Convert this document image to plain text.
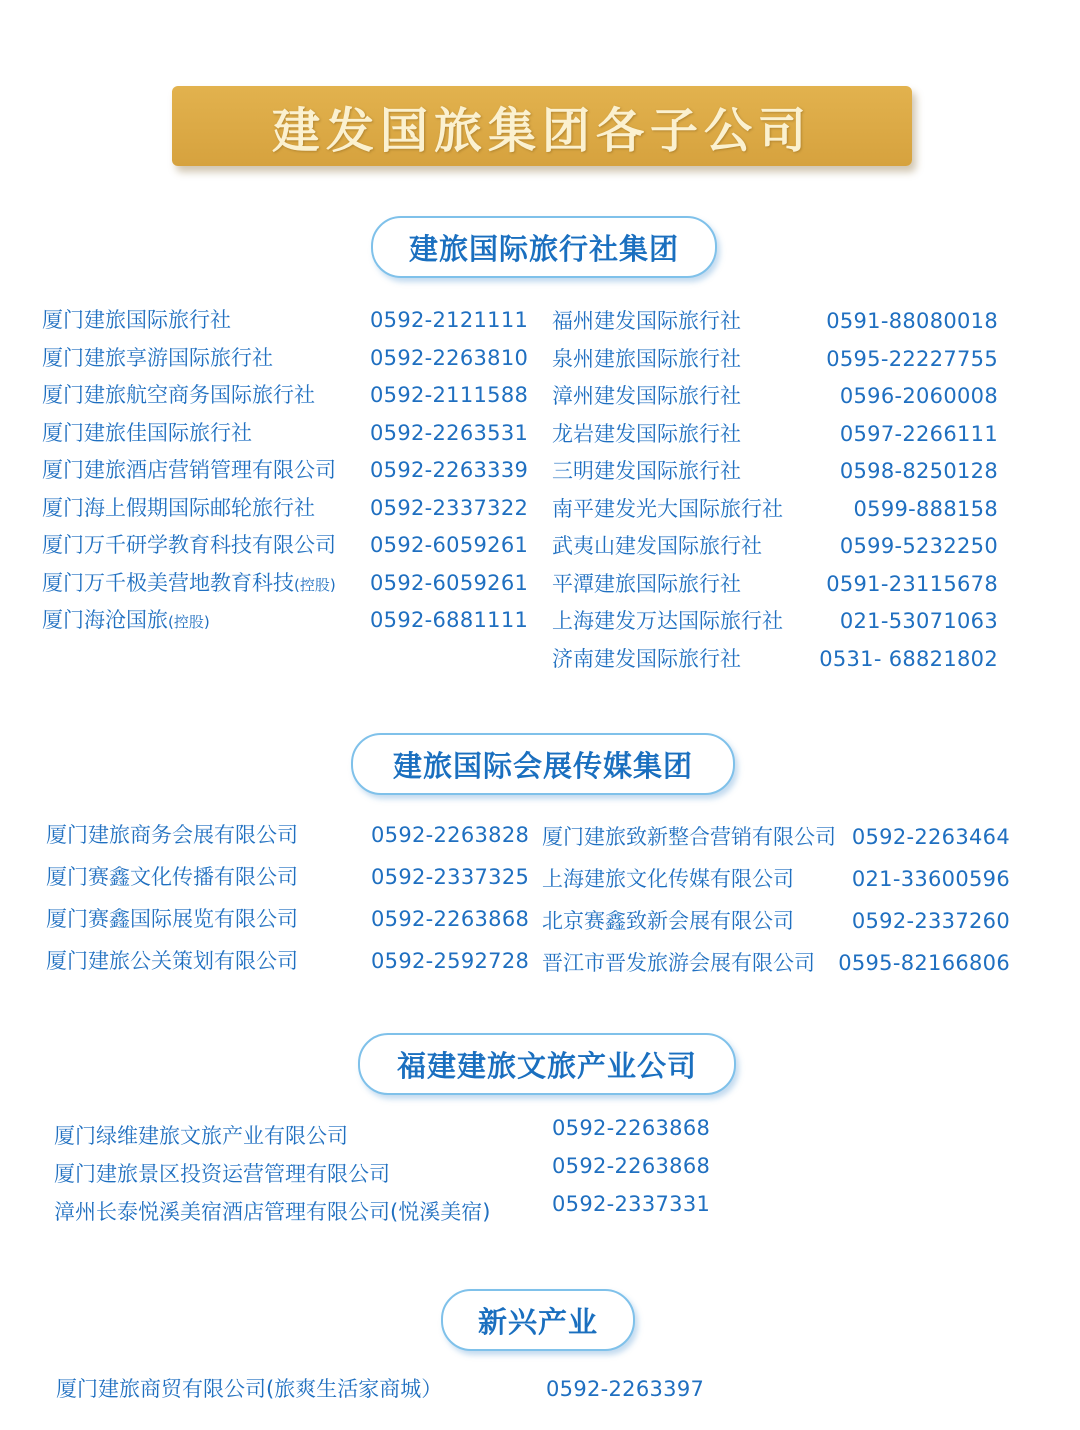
建发国旅集团各子公司
建旅国际旅行社集团
厦门建旅国际旅行社	0592-2121111
厦门建旅享游国际旅行社	0592-2263810
厦门建旅航空商务国际旅行社	0592-2111588
厦门建旅佳国际旅行社	0592-2263531
厦门建旅酒店营销管理有限公司 0592-2263339
厦门海上假期国际邮轮旅行社	0592-2337322
厦门万千研学教育科技有限公司 0592-6059261
厦门万千极美营地教育科技(控股) 0592-6059261
厦门海沧国旅(控股)	0592-6881111
福州建发国际旅行社	0591-88080018
泉州建旅国际旅行社	0595-22227755
漳州建发国际旅行社	0596-2060008
龙岩建发国际旅行社	0597-2266111
三明建发国际旅行社	0598-8250128
南平建发光大国际旅行社	0599-888158
武夷山建发国际旅行社	0599-5232250
平潭建旅国际旅行社	0591-23115678
上海建发万达国际旅行社	021-53071063
济南建发国际旅行社	0531- 68821802
建旅国际会展传媒集团
厦门建旅商务会展有限公司	0592-2263828
厦门赛鑫文化传播有限公司	0592-2337325
厦门赛鑫国际展览有限公司	0592-2263868
厦门建旅公关策划有限公司	0592-2592728
厦门建旅致新整合营销有限公司 0592-2263464
上海建旅文化传媒有限公司	021-33600596
北京赛鑫致新会展有限公司	0592-2337260
晋江市晋发旅游会展有限公司 0595-82166806
福建建旅文旅产业公司
厦门绿维建旅文旅产业有限公司	0592-2263868
厦门建旅景区投资运营管理有限公司	0592-2263868
漳州长泰悦溪美宿酒店管理有限公司(悦溪美宿)	0592-2337331
新兴产业
厦门建旅商贸有限公司(旅爽生活家商城）	0592-2263397
